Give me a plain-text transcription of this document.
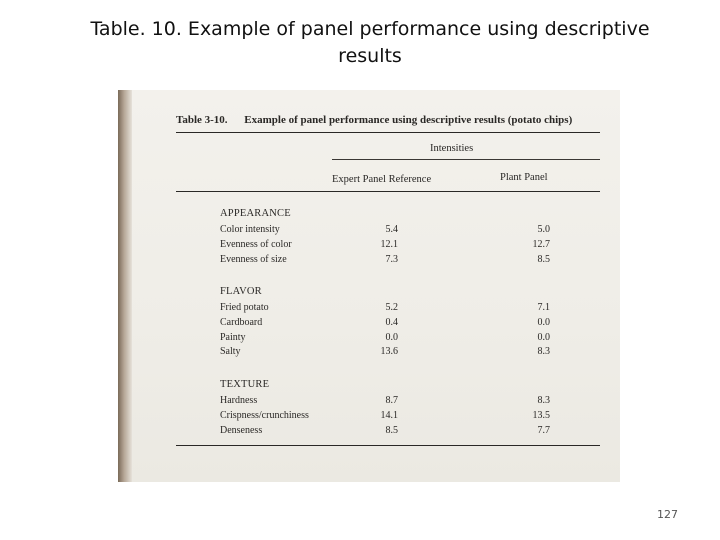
Table. 10. Example of panel performance using descriptive results
Table 3-10. Example of panel performance using descriptive results (potato chips)
Intensities
Expert Panel Reference	Plant Panel
APPEARANCE
Color intensity	5.4	5.0
Evenness of color	12.1	12.7
Evenness of size	7.3	8.5
FLAVOR
Fried potato	5.2	7.1
Cardboard	0.4	0.0
Painty	0.0	0.0
Salty	13.6	8.3
TEXTURE
Hardness	8.7	8.3
Crispness/crunchiness	14.1	13.5
Denseness	8.5	7.7
127
